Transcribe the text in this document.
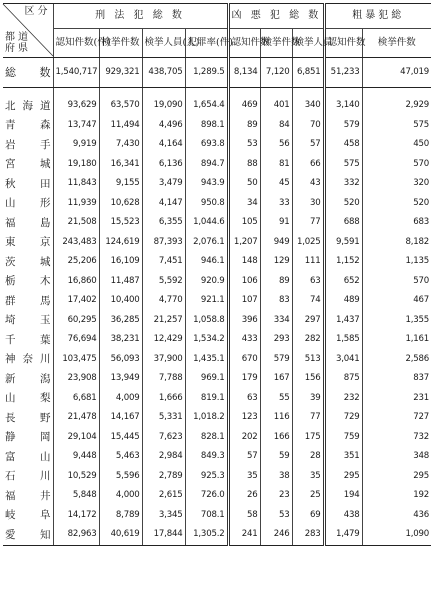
区分
都道
府県	刑 法 犯 総 数				凶 悪 犯 総 数			粗暴犯総	
	認知件数(件)	検挙件数	検挙人員(人)	犯罪率(件)	認知件数	検挙件数	検挙人員	認知件数	検挙件数
総 数	1,540,717	929,321	438,705	1,289.5	8,134	7,120	6,851	51,233	47,019

北海道	93,629	63,570	19,090	1,654.4	469	401	340	3,140	2,929
青森	13,747	11,494	4,496	898.1	89	84	70	579	575
岩手	9,919	7,430	4,164	693.8	53	56	57	458	450
宮城	19,180	16,341	6,136	894.7	88	81	66	575	570
秋田	11,843	9,155	3,479	943.9	50	45	43	332	320
山形	11,939	10,628	4,147	950.8	34	33	30	520	520
福島	21,508	15,523	6,355	1,044.6	105	91	77	688	683
東京	243,483	124,619	87,393	2,076.1	1,207	949	1,025	9,591	8,182
茨城	25,206	16,109	7,451	946.1	148	129	111	1,152	1,135
栃木	16,860	11,487	5,592	920.9	106	89	63	652	570
群馬	17,402	10,400	4,770	921.1	107	83	74	489	467
埼玉	60,295	36,285	21,257	1,058.8	396	334	297	1,437	1,355
千葉	76,694	38,231	12,429	1,534.2	433	293	282	1,585	1,161
神奈川	103,475	56,093	37,900	1,435.1	670	579	513	3,041	2,586
新潟	23,908	13,949	7,788	969.1	179	167	156	875	837
山梨	6,681	4,009	1,666	819.1	63	55	39	232	231
長野	21,478	14,167	5,331	1,018.2	123	116	77	729	727
静岡	29,104	15,445	7,623	828.1	202	166	175	759	732
富山	9,448	5,463	2,984	849.3	57	59	28	351	348
石川	10,529	5,596	2,789	925.3	35	38	35	295	295
福井	5,848	4,000	2,615	726.0	26	23	25	194	192
岐阜	14,172	8,789	3,345	708.1	58	53	69	438	436
愛知	82,963	40,619	17,844	1,305.2	241	246	283	1,479	1,090
